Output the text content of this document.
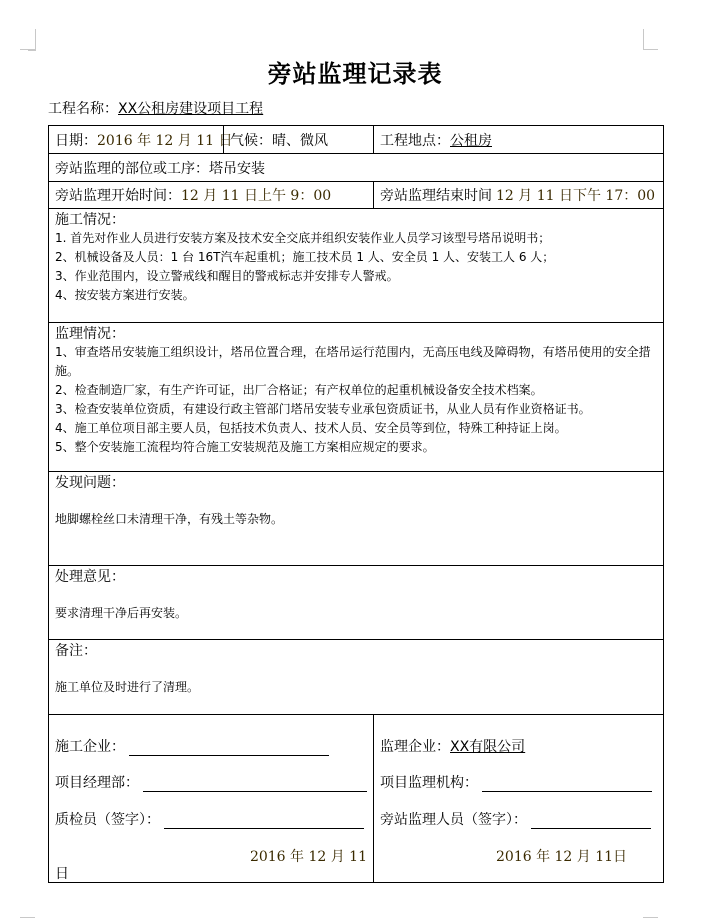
旁站监理记录表
工程名称：XX公租房建设项目工程
日期： 2016 年 12 月 11 日
气候： 晴、微风	工程地点： 公租房
旁站监理的部位或工序： 塔吊安装
旁站监理开始时间： 12 月 11 日上午 9：00	旁站监理结束时间 12 月 11 日下午 17：00
施工情况：
1. 首先对作业人员进行安装方案及技术安全交底并组织安装作业人员学习该型号塔吊说明书；
2、机械设备及人员：1 台 16T汽车起重机；施工技术员 1 人、安全员 1 人、安装工人 6 人；
3、作业范围内，设立警戒线和醒目的警戒标志并安排专人警戒。
4、按安装方案进行安装。
监理情况：
1、审查塔吊安装施工组织设计，塔吊位置合理，在塔吊运行范围内，无高压电线及障碍物，有塔吊使用的安全措施。
2、检查制造厂家，有生产许可证，出厂合格证；有产权单位的起重机械设备安全技术档案。
3、检查安装单位资质，有建设行政主管部门塔吊安装专业承包资质证书，从业人员有作业资格证书。
4、施工单位项目部主要人员，包括技术负责人、技术人员、安全员等到位，特殊工种持证上岗。
5、整个安装施工流程均符合施工安装规范及施工方案相应规定的要求。
发现问题：
地脚螺栓丝口未清理干净，有残土等杂物。
处理意见：
要求清理干净后再安装。
备注：
施工单位及时进行了清理。
施工企业：
项目经理部：
质检员（签字）：
2016 年 12 月 11
日
监理企业： XX有限公司
项目监理机构：
旁站监理人员（签字）：
2016 年 12 月 11日
